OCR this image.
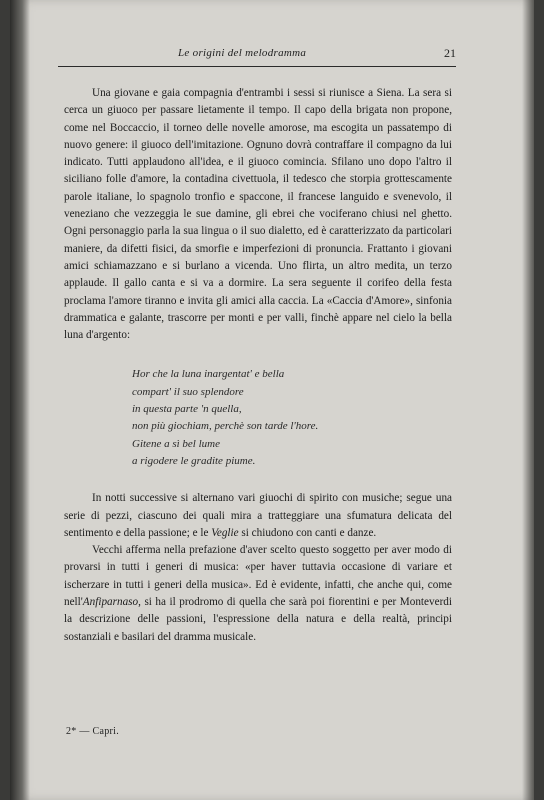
Le origini del melodramma	21

Una giovane e gaia compagnia d'entrambi i sessi si riunisce a Siena. La sera si cerca un giuoco per passare lietamente il tempo. Il capo della brigata non propone, come nel Boccaccio, il torneo delle novelle amorose, ma escogita un passatempo di nuovo genere: il giuoco dell'imitazione. Ognuno dovrà contraffare il compagno da lui indicato. Tutti applaudono all'idea, e il giuoco comincia. Sfilano uno dopo l'altro il siciliano folle d'amore, la contadina civettuola, il tedesco che storpia grottescamente parole italiane, lo spagnolo tronfio e spaccone, il francese languido e svenevolo, il veneziano che vezzeggia le sue damine, gli ebrei che vociferano chiusi nel ghetto. Ogni personaggio parla la sua lingua o il suo dialetto, ed è caratterizzato da particolari maniere, da difetti fisici, da smorfie e imperfezioni di pronuncia. Frattanto i giovani amici schiamazzano e si burlano a vicenda. Uno flirta, un altro medita, un terzo applaude. Il gallo canta e si va a dormire. La sera seguente il corifeo della festa proclama l'amore tiranno e invita gli amici alla caccia. La «Caccia d'Amore», sinfonia drammatica e galante, trascorre per monti e per valli, finchè appare nel cielo la bella luna d'argento:

Hor che la luna inargentat' e bella
compart' il suo splendore
in questa parte 'n quella,
non più giochiam, perchè son tarde l'hore.
Gitene a sì bel lume
a rigodere le gradite piume.

In notti successive si alternano vari giuochi di spirito con musiche; segue una serie di pezzi, ciascuno dei quali mira a tratteggiare una sfumatura delicata del sentimento e della passione; e le Veglie si chiudono con canti e danze.

Vecchi afferma nella prefazione d'aver scelto questo soggetto per aver modo di provarsi in tutti i generi di musica: «per haver tuttavia occasione di variare et ischerzare in tutti i generi della musica». Ed è evidente, infatti, che anche qui, come nell'Anfiparnaso, si ha il prodromo di quella che sarà poi fiorentini e per Monteverdi la descrizione delle passioni, l'espressione della natura e della realtà, principi sostanziali e basilari del dramma musicale.

2* — Capri.
